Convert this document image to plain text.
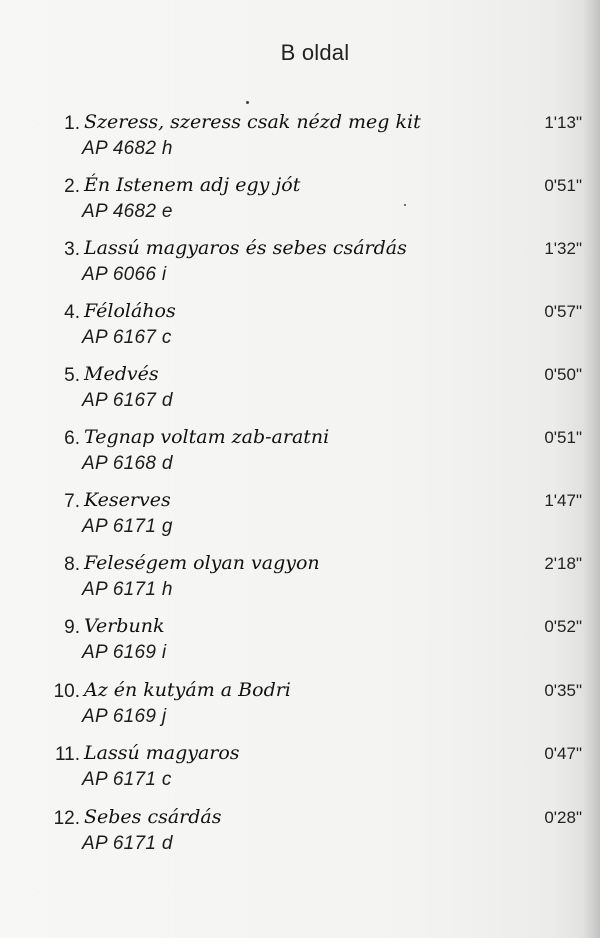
B oldal
1. Szeress, szeress csak nézd meg kit
AP 4682 h
1'13"
2. Én Istenem adj egy jót
AP 4682 e
0'51"
3. Lassú magyaros és sebes csárdás
AP 6066 i
1'32"
4. Féloláhos
AP 6167 c
0'57"
5. Medvés
AP 6167 d
0'50"
6. Tegnap voltam zab-aratni
AP 6168 d
0'51"
7. Keserves
AP 6171 g
1'47"
8. Feleségem olyan vagyon
AP 6171 h
2'18"
9. Verbunk
AP 6169 i
0'52"
10. Az én kutyám a Bodri
AP 6169 j
0'35"
11. Lassú magyaros
AP 6171 c
0'47"
12. Sebes csárdás
AP 6171 d
0'28"
